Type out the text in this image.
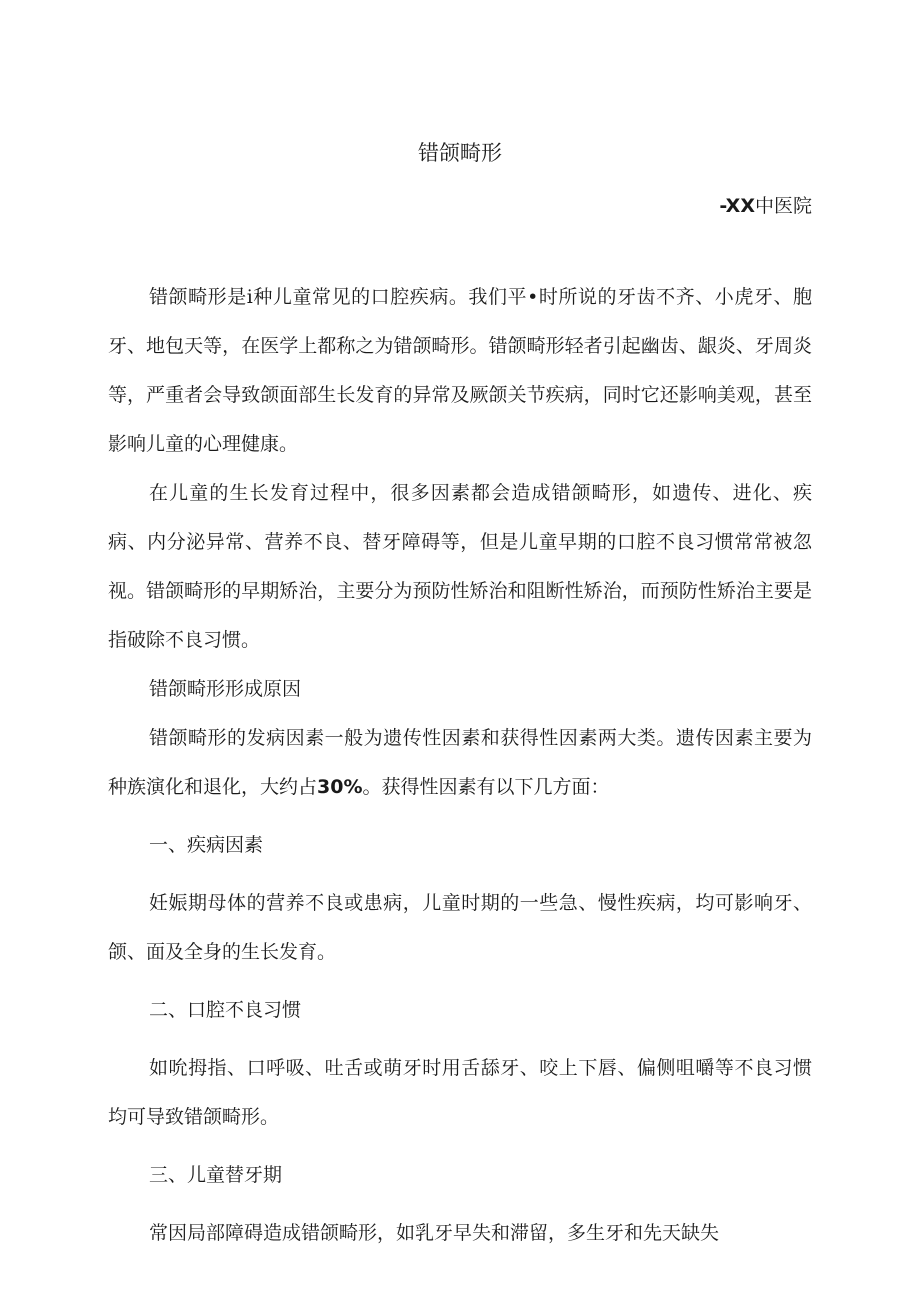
错颌畸形
-XX中医院

错颌畸形是i种儿童常见的口腔疾病。我们平•时所说的牙齿不齐、小虎牙、胞牙、地包天等，在医学上都称之为错颌畸形。错颌畸形轻者引起幽齿、龈炎、牙周炎等，严重者会导致颌面部生长发育的异常及厥颌关节疾病，同时它还影响美观，甚至影响儿童的心理健康。

在儿童的生长发育过程中，很多因素都会造成错颌畸形，如遗传、进化、疾病、内分泌异常、营养不良、替牙障碍等，但是儿童早期的口腔不良习惯常常被忽视。错颌畸形的早期矫治，主要分为预防性矫治和阻断性矫治，而预防性矫治主要是指破除不良习惯。

错颌畸形形成原因

错颌畸形的发病因素一般为遗传性因素和获得性因素两大类。遗传因素主要为种族演化和退化，大约占30%。获得性因素有以下几方面：

一、疾病因素

妊娠期母体的营养不良或患病，儿童时期的一些急、慢性疾病，均可影响牙、颌、面及全身的生长发育。

二、口腔不良习惯

如吮拇指、口呼吸、吐舌或萌牙时用舌舔牙、咬上下唇、偏侧咀嚼等不良习惯均可导致错颌畸形。

三、儿童替牙期

常因局部障碍造成错颌畸形，如乳牙早失和滞留，多生牙和先天缺失
